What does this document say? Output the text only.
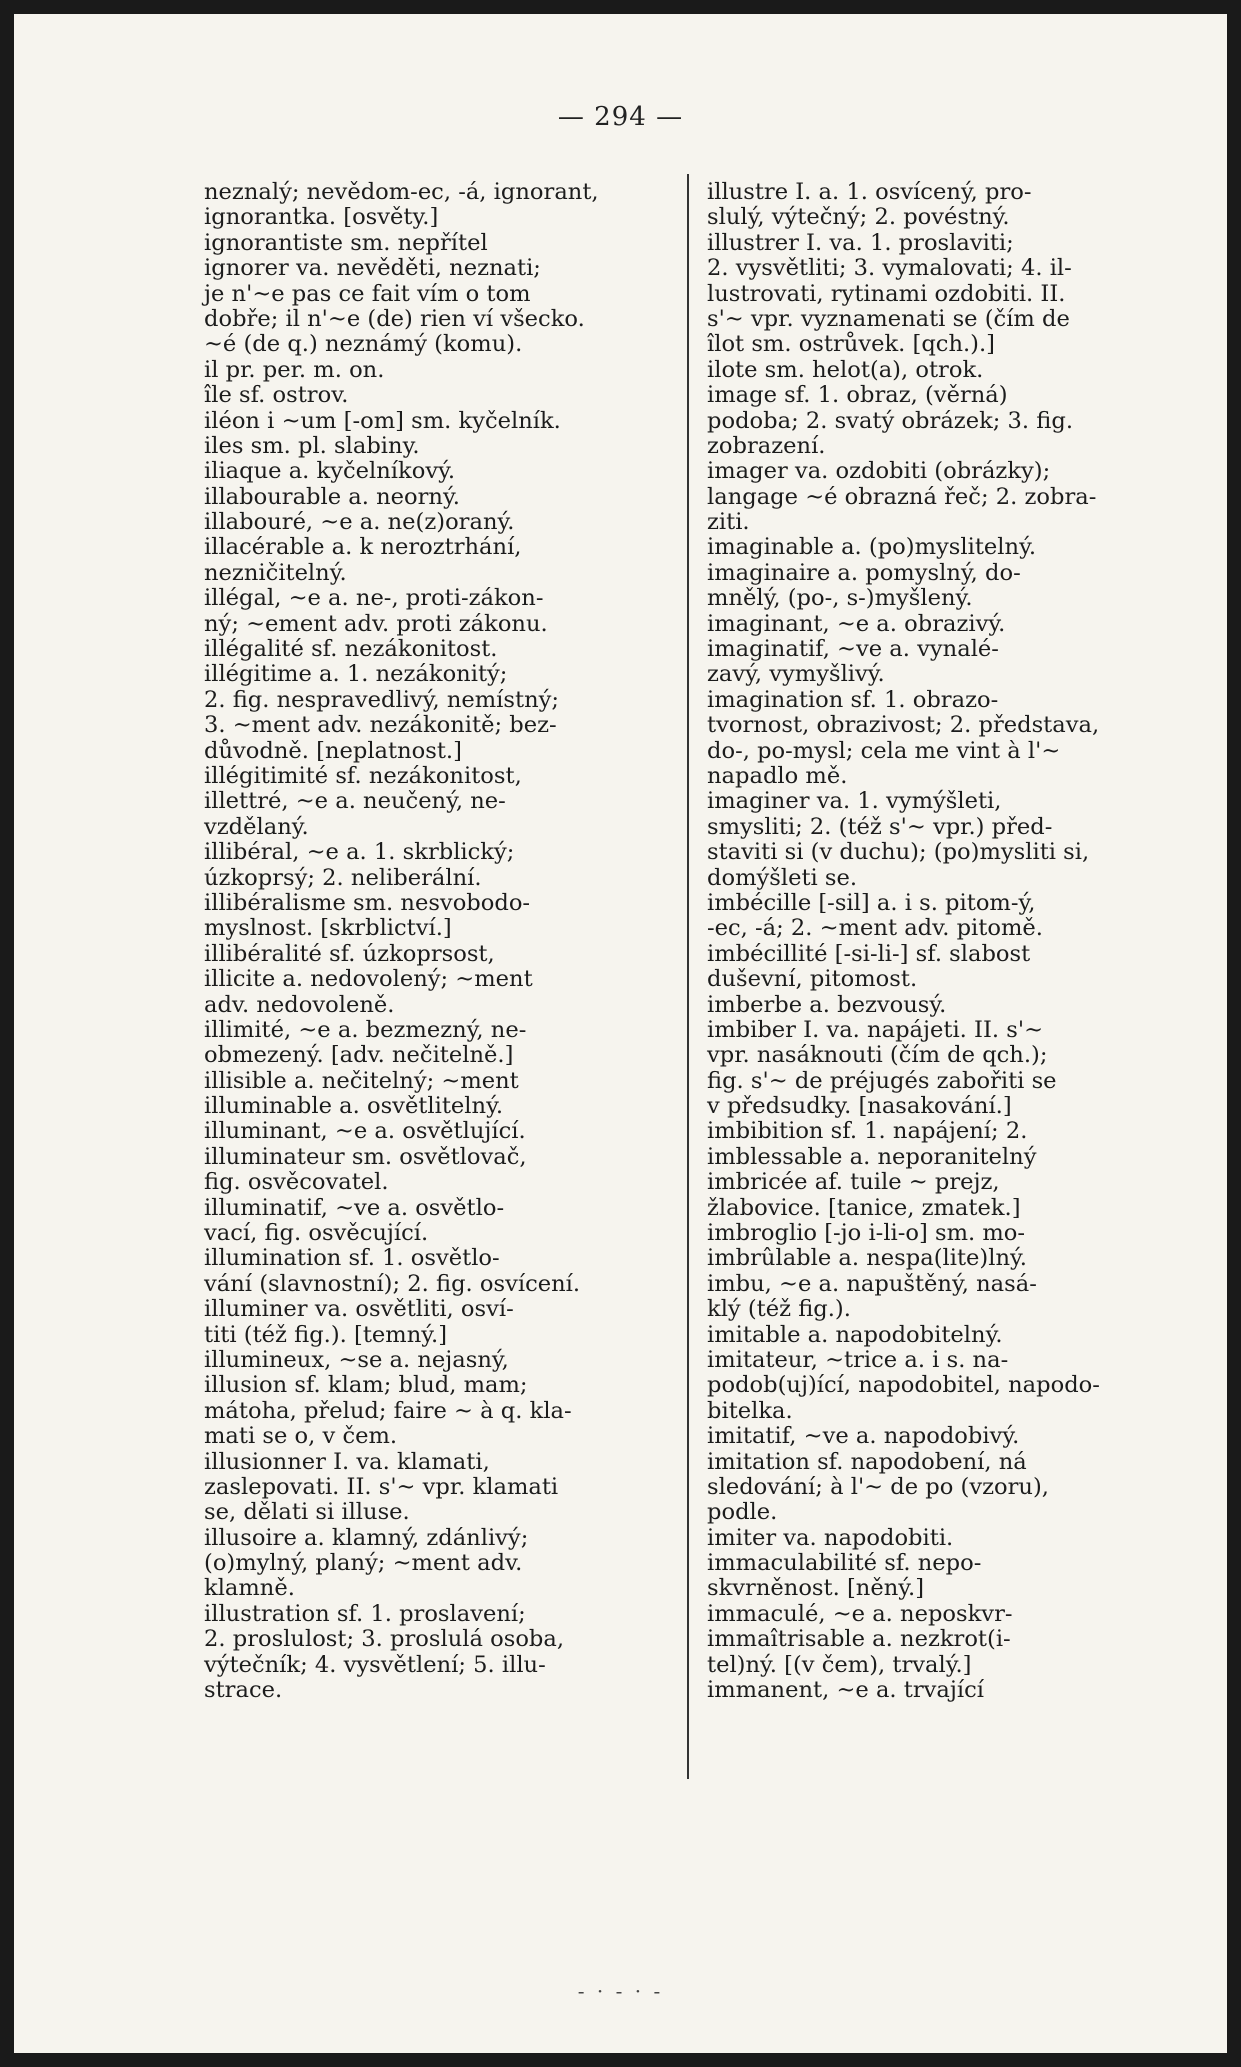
— 294 —
neznalý; nevědom-ec, -á, ignorant,
ignorantka. [osvěty.]
ignorantiste sm. nepřítel
ignorer va. nevěděti, neznati;
je n'~e pas ce fait vím o tom
dobře; il n'~e (de) rien ví všecko.
~é (de q.) neznámý (komu).
il pr. per. m. on.
île sf. ostrov.
iléon i ~um [-om] sm. kyčelník.
iles sm. pl. slabiny.
iliaque a. kyčelníkový.
illabourable a. neorný.
illabouré, ~e a. ne(z)oraný.
illacérable a. k neroztrhání,
nezničitelný.
illégal, ~e a. ne-, proti-zákon-
ný; ~ement adv. proti zákonu.
illégalité sf. nezákonitost.
illégitime a. 1. nezákonitý;
2. fig. nespravedlivý, nemístný;
3. ~ment adv. nezákonitě; bez-
důvodně. [neplatnost.]
illégitimité sf. nezákonitost,
illettré, ~e a. neučený, ne-
vzdělaný.
illibéral, ~e a. 1. skrblický;
úzkoprsý; 2. neliberální.
illibéralisme sm. nesvobodo-
myslnost. [skrblictví.]
illibéralité sf. úzkoprsost,
illicite a. nedovolený; ~ment
adv. nedovoleně.
illimité, ~e a. bezmezný, ne-
obmezený. [adv. nečitelně.]
illisible a. nečitelný; ~ment
illuminable a. osvětlitelný.
illuminant, ~e a. osvětlující.
illuminateur sm. osvětlovač,
fig. osvěcovatel.
illuminatif, ~ve a. osvětlo-
vací, fig. osvěcující.
illumination sf. 1. osvětlo-
vání (slavnostní); 2. fig. osvícení.
illuminer va. osvětliti, osví-
titi (též fig.). [temný.]
illumineux, ~se a. nejasný,
illusion sf. klam; blud, mam;
mátoha, přelud; faire ~ à q. kla-
mati se o, v čem.
illusionner I. va. klamati,
zaslepovati. II. s'~ vpr. klamati
se, dělati si illuse.
illusoire a. klamný, zdánlivý;
(o)mylný, planý; ~ment adv.
klamně.
illustration sf. 1. proslavení;
2. proslulost; 3. proslulá osoba,
výtečník; 4. vysvětlení; 5. illu-
strace.
illustre I. a. 1. osvícený, pro-
slulý, výtečný; 2. povéstný.
illustrer I. va. 1. proslaviti;
2. vysvětliti; 3. vymalovati; 4. il-
lustrovati, rytinami ozdobiti. II.
s'~ vpr. vyznamenati se (čím de
îlot sm. ostrůvek. [qch.).]
ilote sm. helot(a), otrok.
image sf. 1. obraz, (věrná)
podoba; 2. svatý obrázek; 3. fig.
zobrazení.
imager va. ozdobiti (obrázky);
langage ~é obrazná řeč; 2. zobra-
ziti.
imaginable a. (po)myslitelný.
imaginaire a. pomyslný, do-
mnělý, (po-, s-)myšlený.
imaginant, ~e a. obrazivý.
imaginatif, ~ve a. vynalé-
zavý, vymyšlivý.
imagination sf. 1. obrazo-
tvornost, obrazivost; 2. představa,
do-, po-mysl; cela me vint à l'~
napadlo mě.
imaginer va. 1. vymýšleti,
smysliti; 2. (též s'~ vpr.) před-
staviti si (v duchu); (po)mysliti si,
domýšleti se.
imbécille [-sil] a. i s. pitom-ý,
-ec, -á; 2. ~ment adv. pitomě.
imbécillité [-si-li-] sf. slabost
duševní, pitomost.
imberbe a. bezvousý.
imbiber I. va. napájeti. II. s'~
vpr. nasáknouti (čím de qch.);
fig. s'~ de préjugés zabořiti se
v předsudky. [nasakování.]
imbibition sf. 1. napájení; 2.
imblessable a. neporanitelný
imbricée af. tuile ~ prejz,
žlabovice. [tanice, zmatek.]
imbroglio [-jo i-li-o] sm. mo-
imbrûlable a. nespa(lite)lný.
imbu, ~e a. napuštěný, nasá-
klý (též fig.).
imitable a. napodobitelný.
imitateur, ~trice a. i s. na-
podob(uj)ící, napodobitel, napodo-
bitelka.
imitatif, ~ve a. napodobivý.
imitation sf. napodobení, ná
sledování; à l'~ de po (vzoru),
podle.
imiter va. napodobiti.
immaculabilité sf. nepo-
skvrněnost. [něný.]
immaculé, ~e a. neposkvr-
immaîtrisable a. nezkrot(i-
tel)ný. [(v čem), trvalý.]
immanent, ~e a. trvající
- · - · -
